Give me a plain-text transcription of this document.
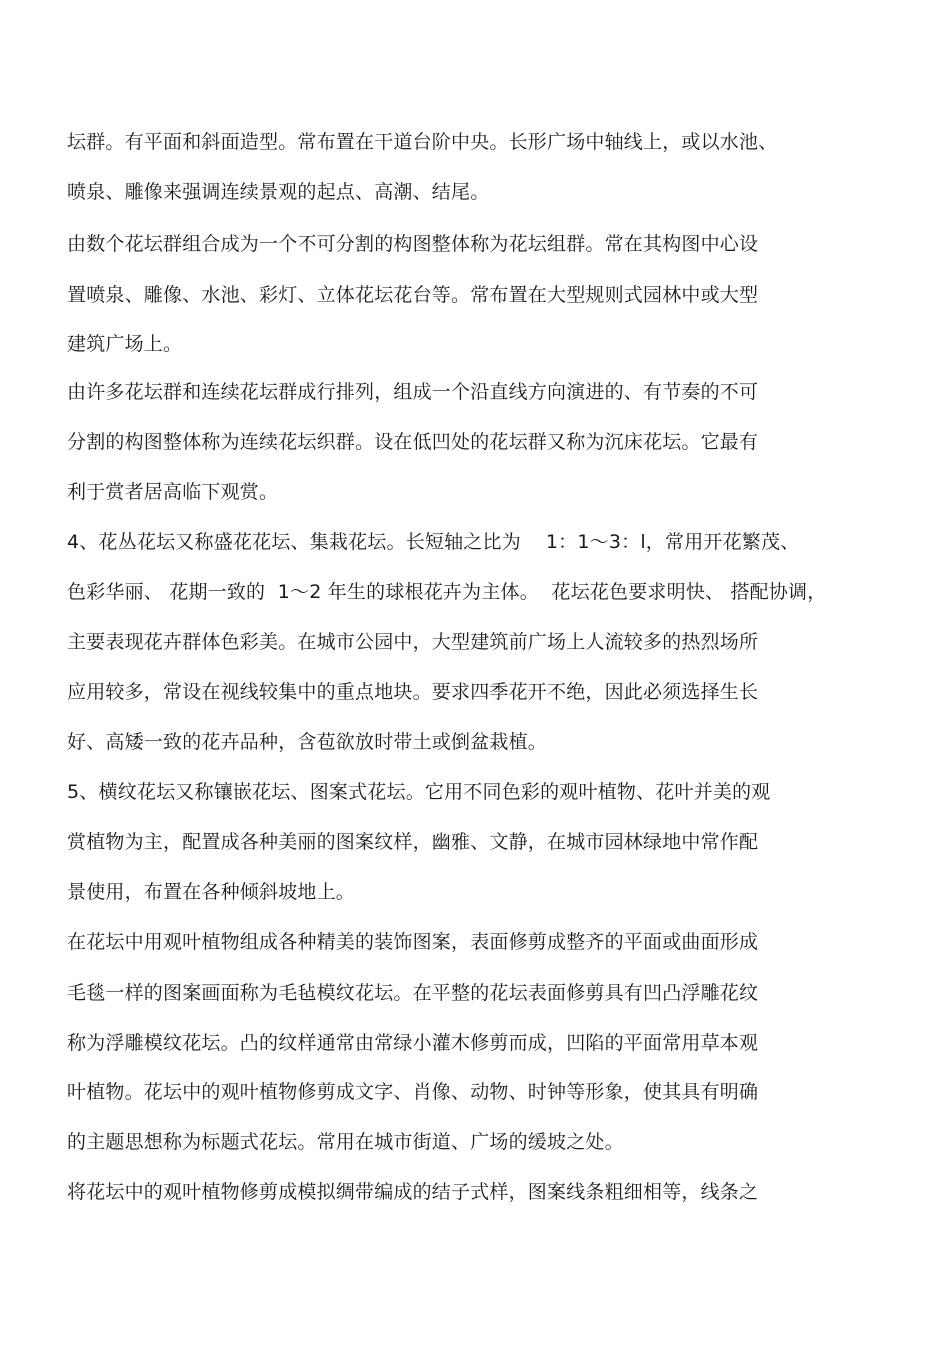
坛群。有平面和斜面造型。常布置在干道台阶中央。长形广场中轴线上，或以水池、
喷泉、雕像来强调连续景观的起点、高潮、结尾。
由数个花坛群组合成为一个不可分割的构图整体称为花坛组群。常在其构图中心设
置喷泉、雕像、水池、彩灯、立体花坛花台等。常布置在大型规则式园林中或大型
建筑广场上。
由许多花坛群和连续花坛群成行排列，组成一个沿直线方向演进的、有节奏的不可
分割的构图整体称为连续花坛织群。设在低凹处的花坛群又称为沉床花坛。它最有
利于赏者居高临下观赏。
4、花丛花坛又称盛花花坛、集栽花坛。长短轴之比为    1：1～3：l，常用开花繁茂、
色彩华丽、 花期一致的  1～2 年生的球根花卉为主体。  花坛花色要求明快、 搭配协调，
主要表现花卉群体色彩美。在城市公园中，大型建筑前广场上人流较多的热烈场所
应用较多，常设在视线较集中的重点地块。要求四季花开不绝，因此必须选择生长
好、高矮一致的花卉品种，含苞欲放时带土或倒盆栽植。
5、横纹花坛又称镶嵌花坛、图案式花坛。它用不同色彩的观叶植物、花叶并美的观
赏植物为主，配置成各种美丽的图案纹样，幽雅、文静，在城市园林绿地中常作配
景使用，布置在各种倾斜坡地上。
在花坛中用观叶植物组成各种精美的装饰图案，表面修剪成整齐的平面或曲面形成
毛毯一样的图案画面称为毛毡模纹花坛。在平整的花坛表面修剪具有凹凸浮雕花纹
称为浮雕模纹花坛。凸的纹样通常由常绿小灌木修剪而成，凹陷的平面常用草本观
叶植物。花坛中的观叶植物修剪成文字、肖像、动物、时钟等形象，使其具有明确
的主题思想称为标题式花坛。常用在城市街道、广场的缓坡之处。
将花坛中的观叶植物修剪成模拟绸带编成的结子式样，图案线条粗细相等，线条之
